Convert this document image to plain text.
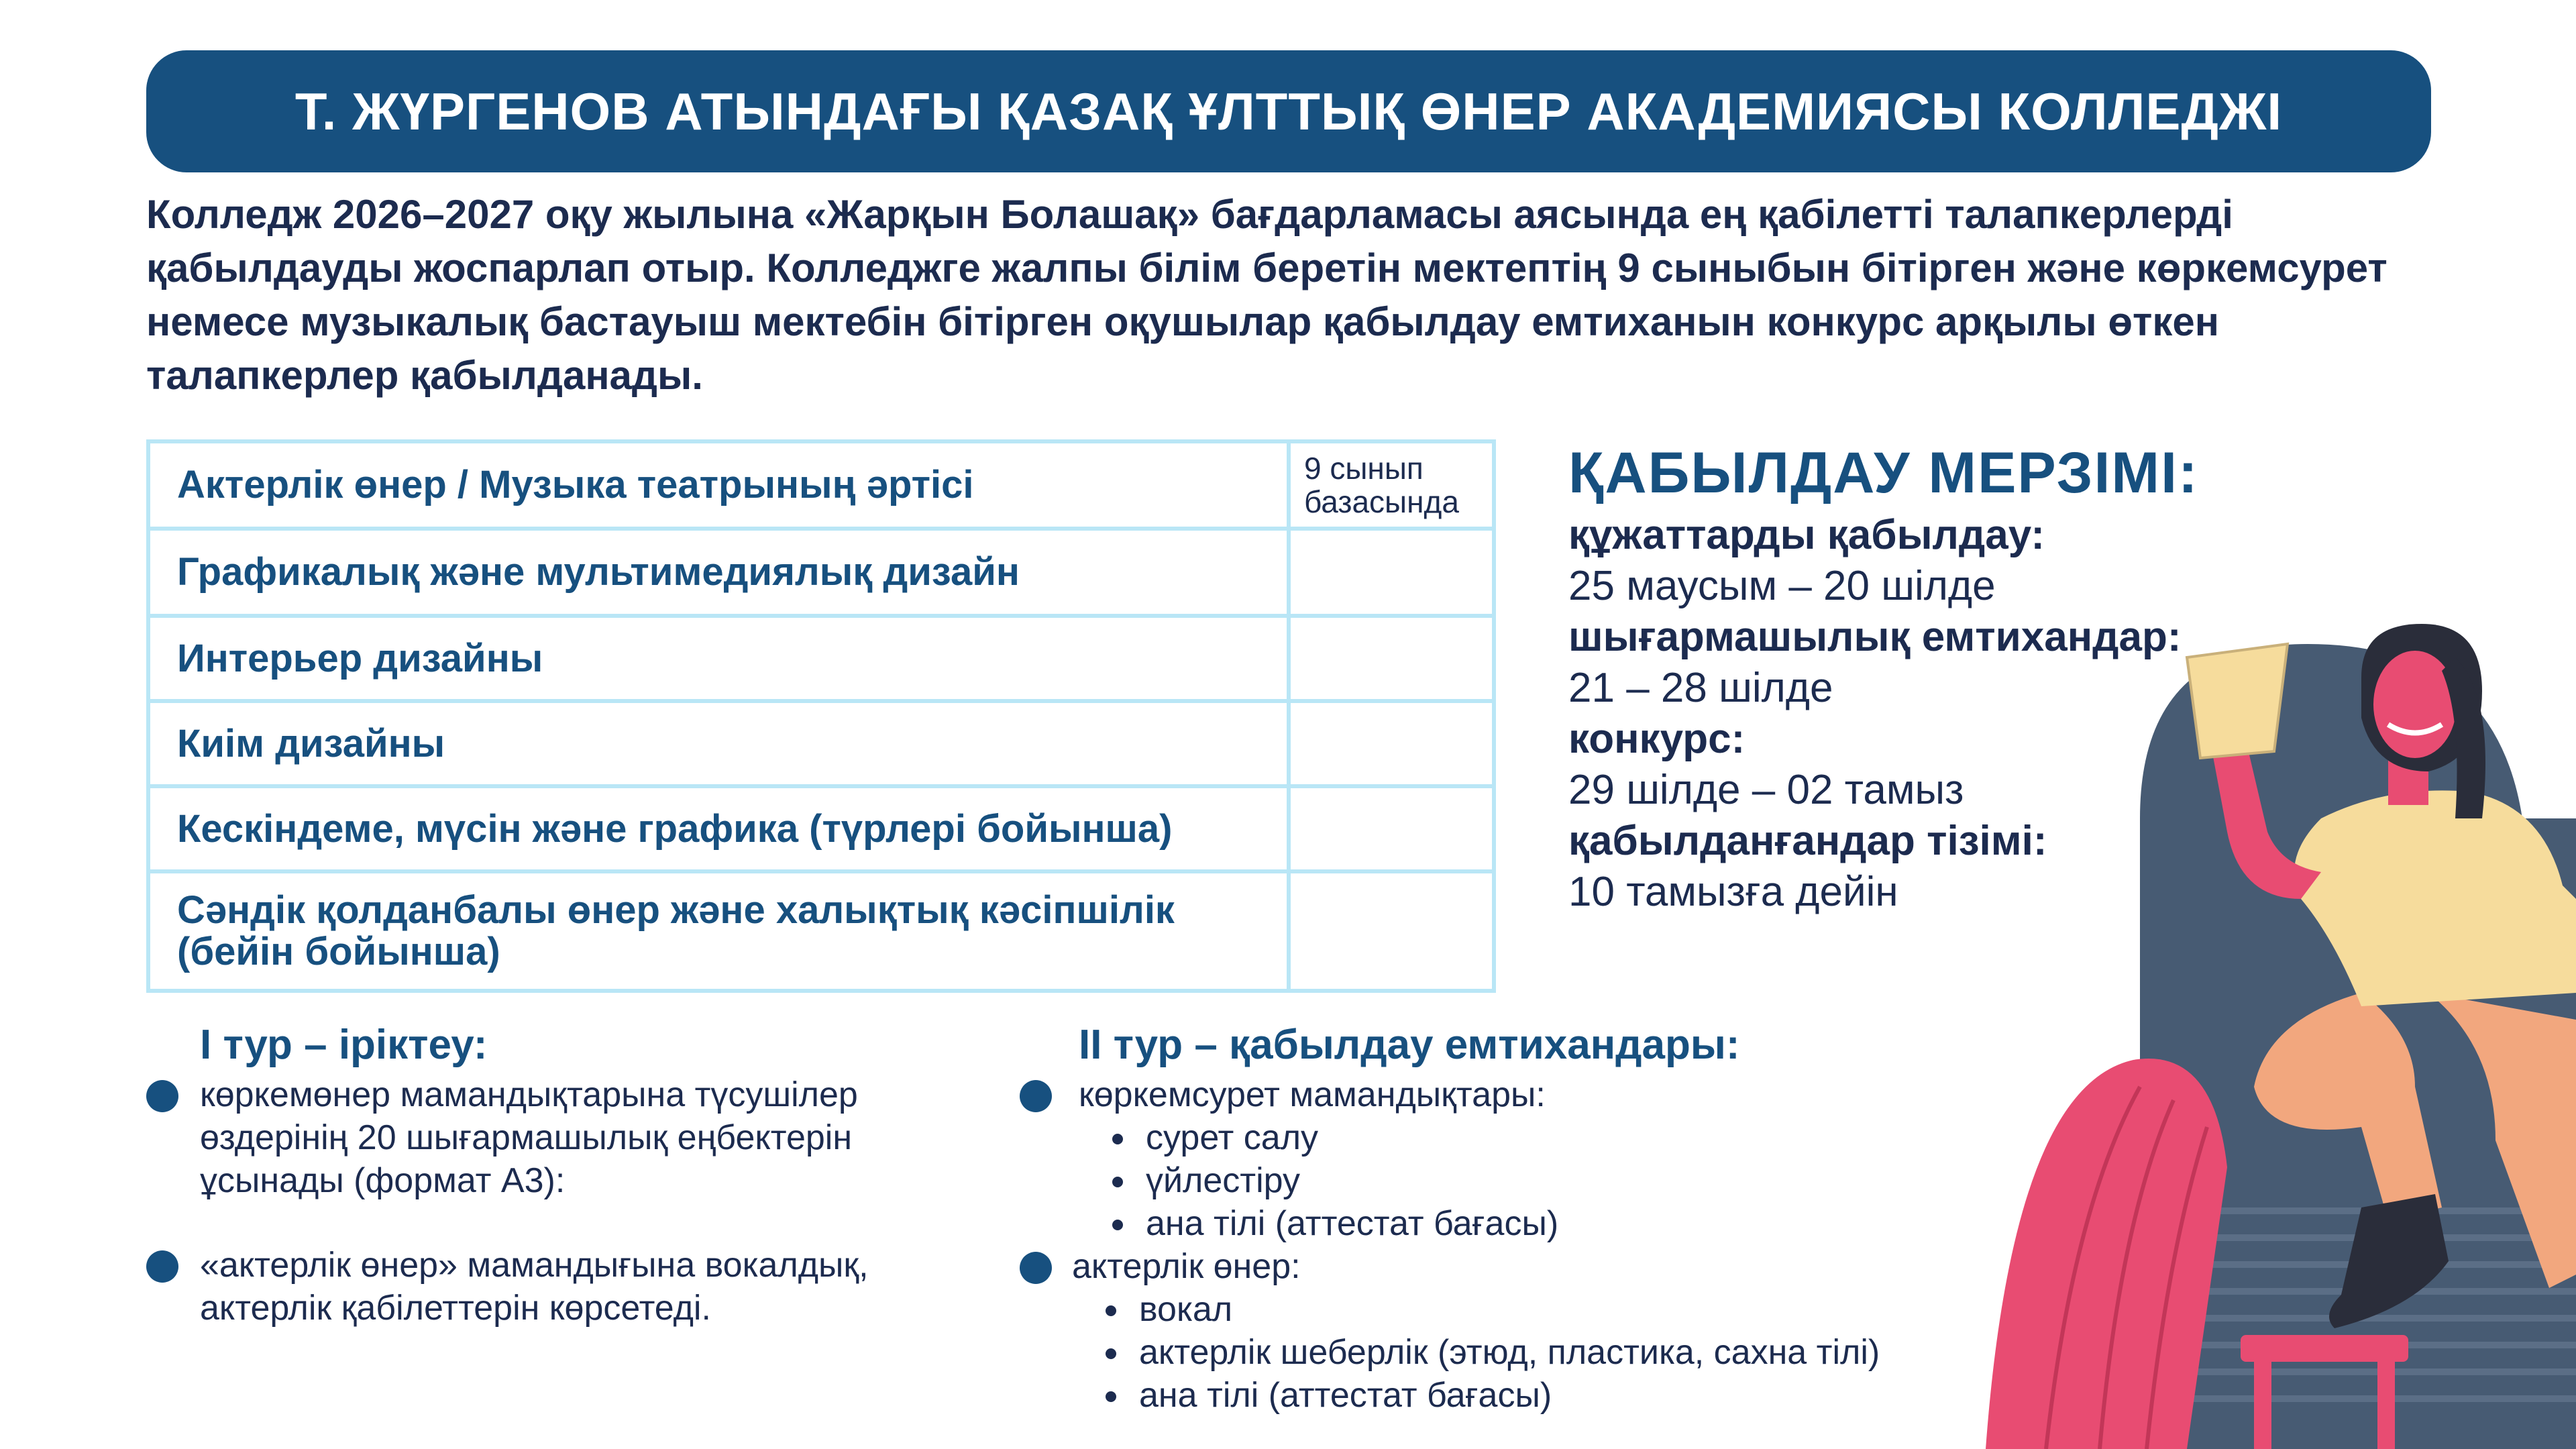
Т. ЖҮРГЕНОВ АТЫНДАҒЫ ҚАЗАҚ ҰЛТТЫҚ ӨНЕР АКАДЕМИЯСЫ КОЛЛЕДЖІ

Колледж 2026–2027 оқу жылына «Жарқын Болашақ» бағдарламасы аясында ең қабілетті талапкерлерді қабылдауды жоспарлап отыр. Колледжге жалпы білім беретін мектептің 9 сыныбын бітірген және көркемсурет немесе музыкалық бастауыш мектебін бітірген оқушылар қабылдау емтиханын конкурс арқылы өткен талапкерлер қабылданады.

Актерлік өнер / Музыка театрының әртісі	9 сынып базасында
Графикалық және мультимедиялық дизайн
Интерьер дизайны
Киім дизайны
Кескіндеме, мүсін және графика (түрлері бойынша)
Сәндік қолданбалы өнер және халықтық кәсіпшілік (бейін бойынша)
ҚАБЫЛДАУ МЕРЗІМІ:
құжаттарды қабылдау:
25 маусым – 20 шілде
шығармашылық емтихандар:
21 – 28 шілде
конкурс:
29 шілде – 02 тамыз
қабылданғандар тізімі:
10 тамызға дейін
І тур – іріктеу:
көркемөнер мамандықтарына түсушілер өздерінің 20 шығармашылық еңбектерін ұсынады (формат А3):
«актерлік өнер» мамандығына вокалдық, актерлік қабілеттерін көрсетеді.
ІІ тур – қабылдау емтихандары:
көркемсурет мамандықтары:
сурет салу
үйлестіру
ана тілі (аттестат бағасы)
актерлік өнер:
вокал
актерлік шеберлік (этюд, пластика, сахна тілі)
ана тілі (аттестат бағасы)
